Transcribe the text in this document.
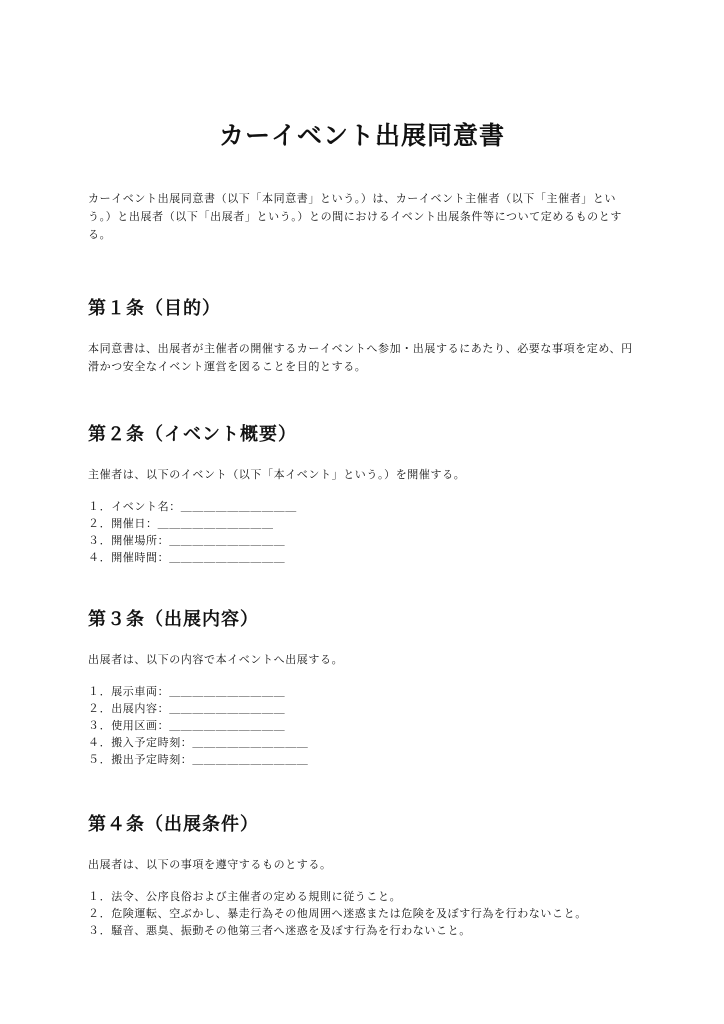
カーイベント出展同意書

カーイベント出展同意書（以下「本同意書」という。）は、カーイベント主催者（以下「主催者」という。）と出展者（以下「出展者」という。）との間におけるイベント出展条件等について定めるものとする。

第１条（目的）

本同意書は、出展者が主催者の開催するカーイベントへ参加・出展するにあたり、必要な事項を定め、円滑かつ安全なイベント運営を図ることを目的とする。

第２条（イベント概要）

主催者は、以下のイベント（以下「本イベント」という。）を開催する。

１．イベント名：＿＿＿＿＿＿＿＿＿＿
２．開催日：＿＿＿＿＿＿＿＿＿＿
３．開催場所：＿＿＿＿＿＿＿＿＿＿
４．開催時間：＿＿＿＿＿＿＿＿＿＿
第３条（出展内容）

出展者は、以下の内容で本イベントへ出展する。

１．展示車両：＿＿＿＿＿＿＿＿＿＿
２．出展内容：＿＿＿＿＿＿＿＿＿＿
３．使用区画：＿＿＿＿＿＿＿＿＿＿
４．搬入予定時刻：＿＿＿＿＿＿＿＿＿＿
５．搬出予定時刻：＿＿＿＿＿＿＿＿＿＿
第４条（出展条件）

出展者は、以下の事項を遵守するものとする。

１．法令、公序良俗および主催者の定める規則に従うこと。
２．危険運転、空ぶかし、暴走行為その他周囲へ迷惑または危険を及ぼす行為を行わないこと。
３．騒音、悪臭、振動その他第三者へ迷惑を及ぼす行為を行わないこと。
